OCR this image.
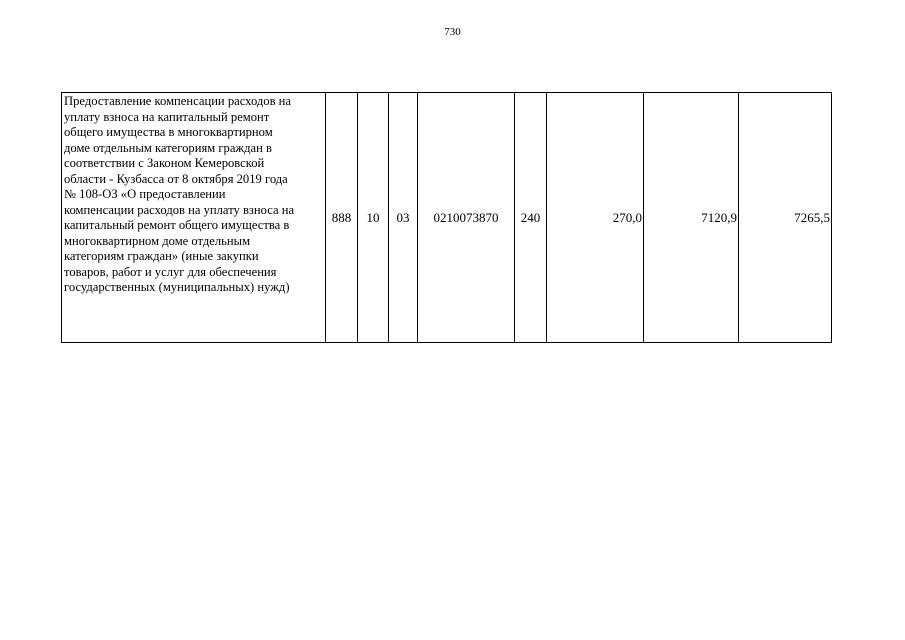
730
Предоставление компенсации расходов на
уплату взноса на капитальный ремонт
общего имущества в многоквартирном
доме отдельным категориям граждан в
соответствии с Законом Кемеровской
области - Кузбасса от 8 октября 2019 года
№ 108-ОЗ «О предоставлении
компенсации расходов на уплату взноса на
капитальный ремонт общего имущества в
многоквартирном доме отдельным
категориям граждан» (иные закупки
товаров, работ и услуг для обеспечения
государственных (муниципальных) нужд)
	888	10	03	0210073870	240	270,0	7120,9	7265,5
